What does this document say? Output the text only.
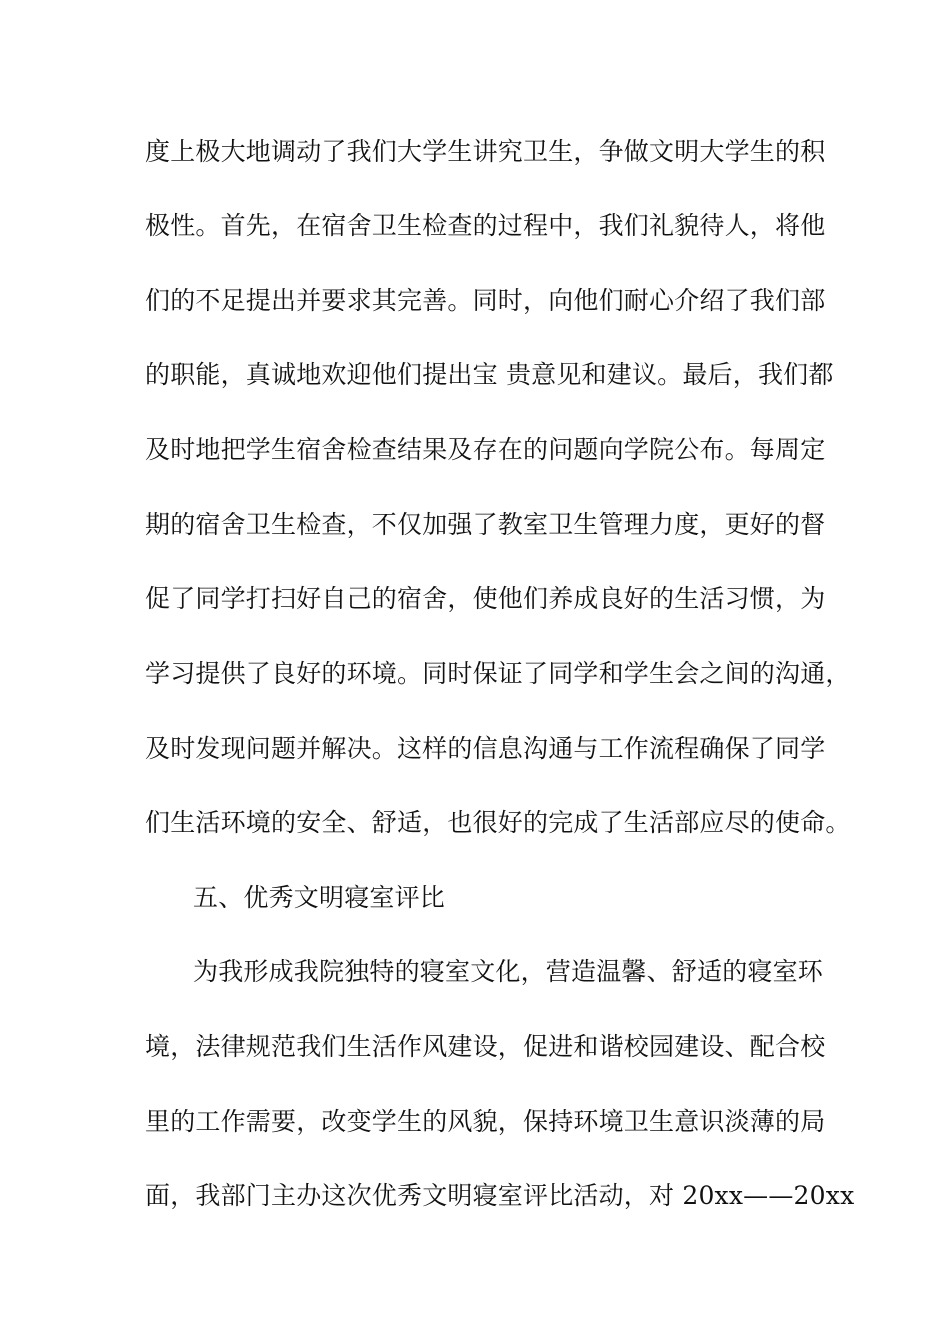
度上极大地调动了我们大学生讲究卫生，争做文明大学生的积
极性。首先，在宿舍卫生检查的过程中，我们礼貌待人，将他
们的不足提出并要求其完善。同时，向他们耐心介绍了我们部
的职能，真诚地欢迎他们提出宝 贵意见和建议。最后，我们都
及时地把学生宿舍检查结果及存在的问题向学院公布。每周定
期的宿舍卫生检查，不仅加强了教室卫生管理力度，更好的督
促了同学打扫好自己的宿舍，使他们养成良好的生活习惯，为
学习提供了良好的环境。同时保证了同学和学生会之间的沟通，
及时发现问题并解决。这样的信息沟通与工作流程确保了同学
们生活环境的安全、舒适，也很好的完成了生活部应尽的使命。
五、优秀文明寝室评比
为我形成我院独特的寝室文化，营造温馨、舒适的寝室环
境，法律规范我们生活作风建设，促进和谐校园建设、配合校
里的工作需要，改变学生的风貌，保持环境卫生意识淡薄的局
面，我部门主办这次优秀文明寝室评比活动，对 20xx——20xx
